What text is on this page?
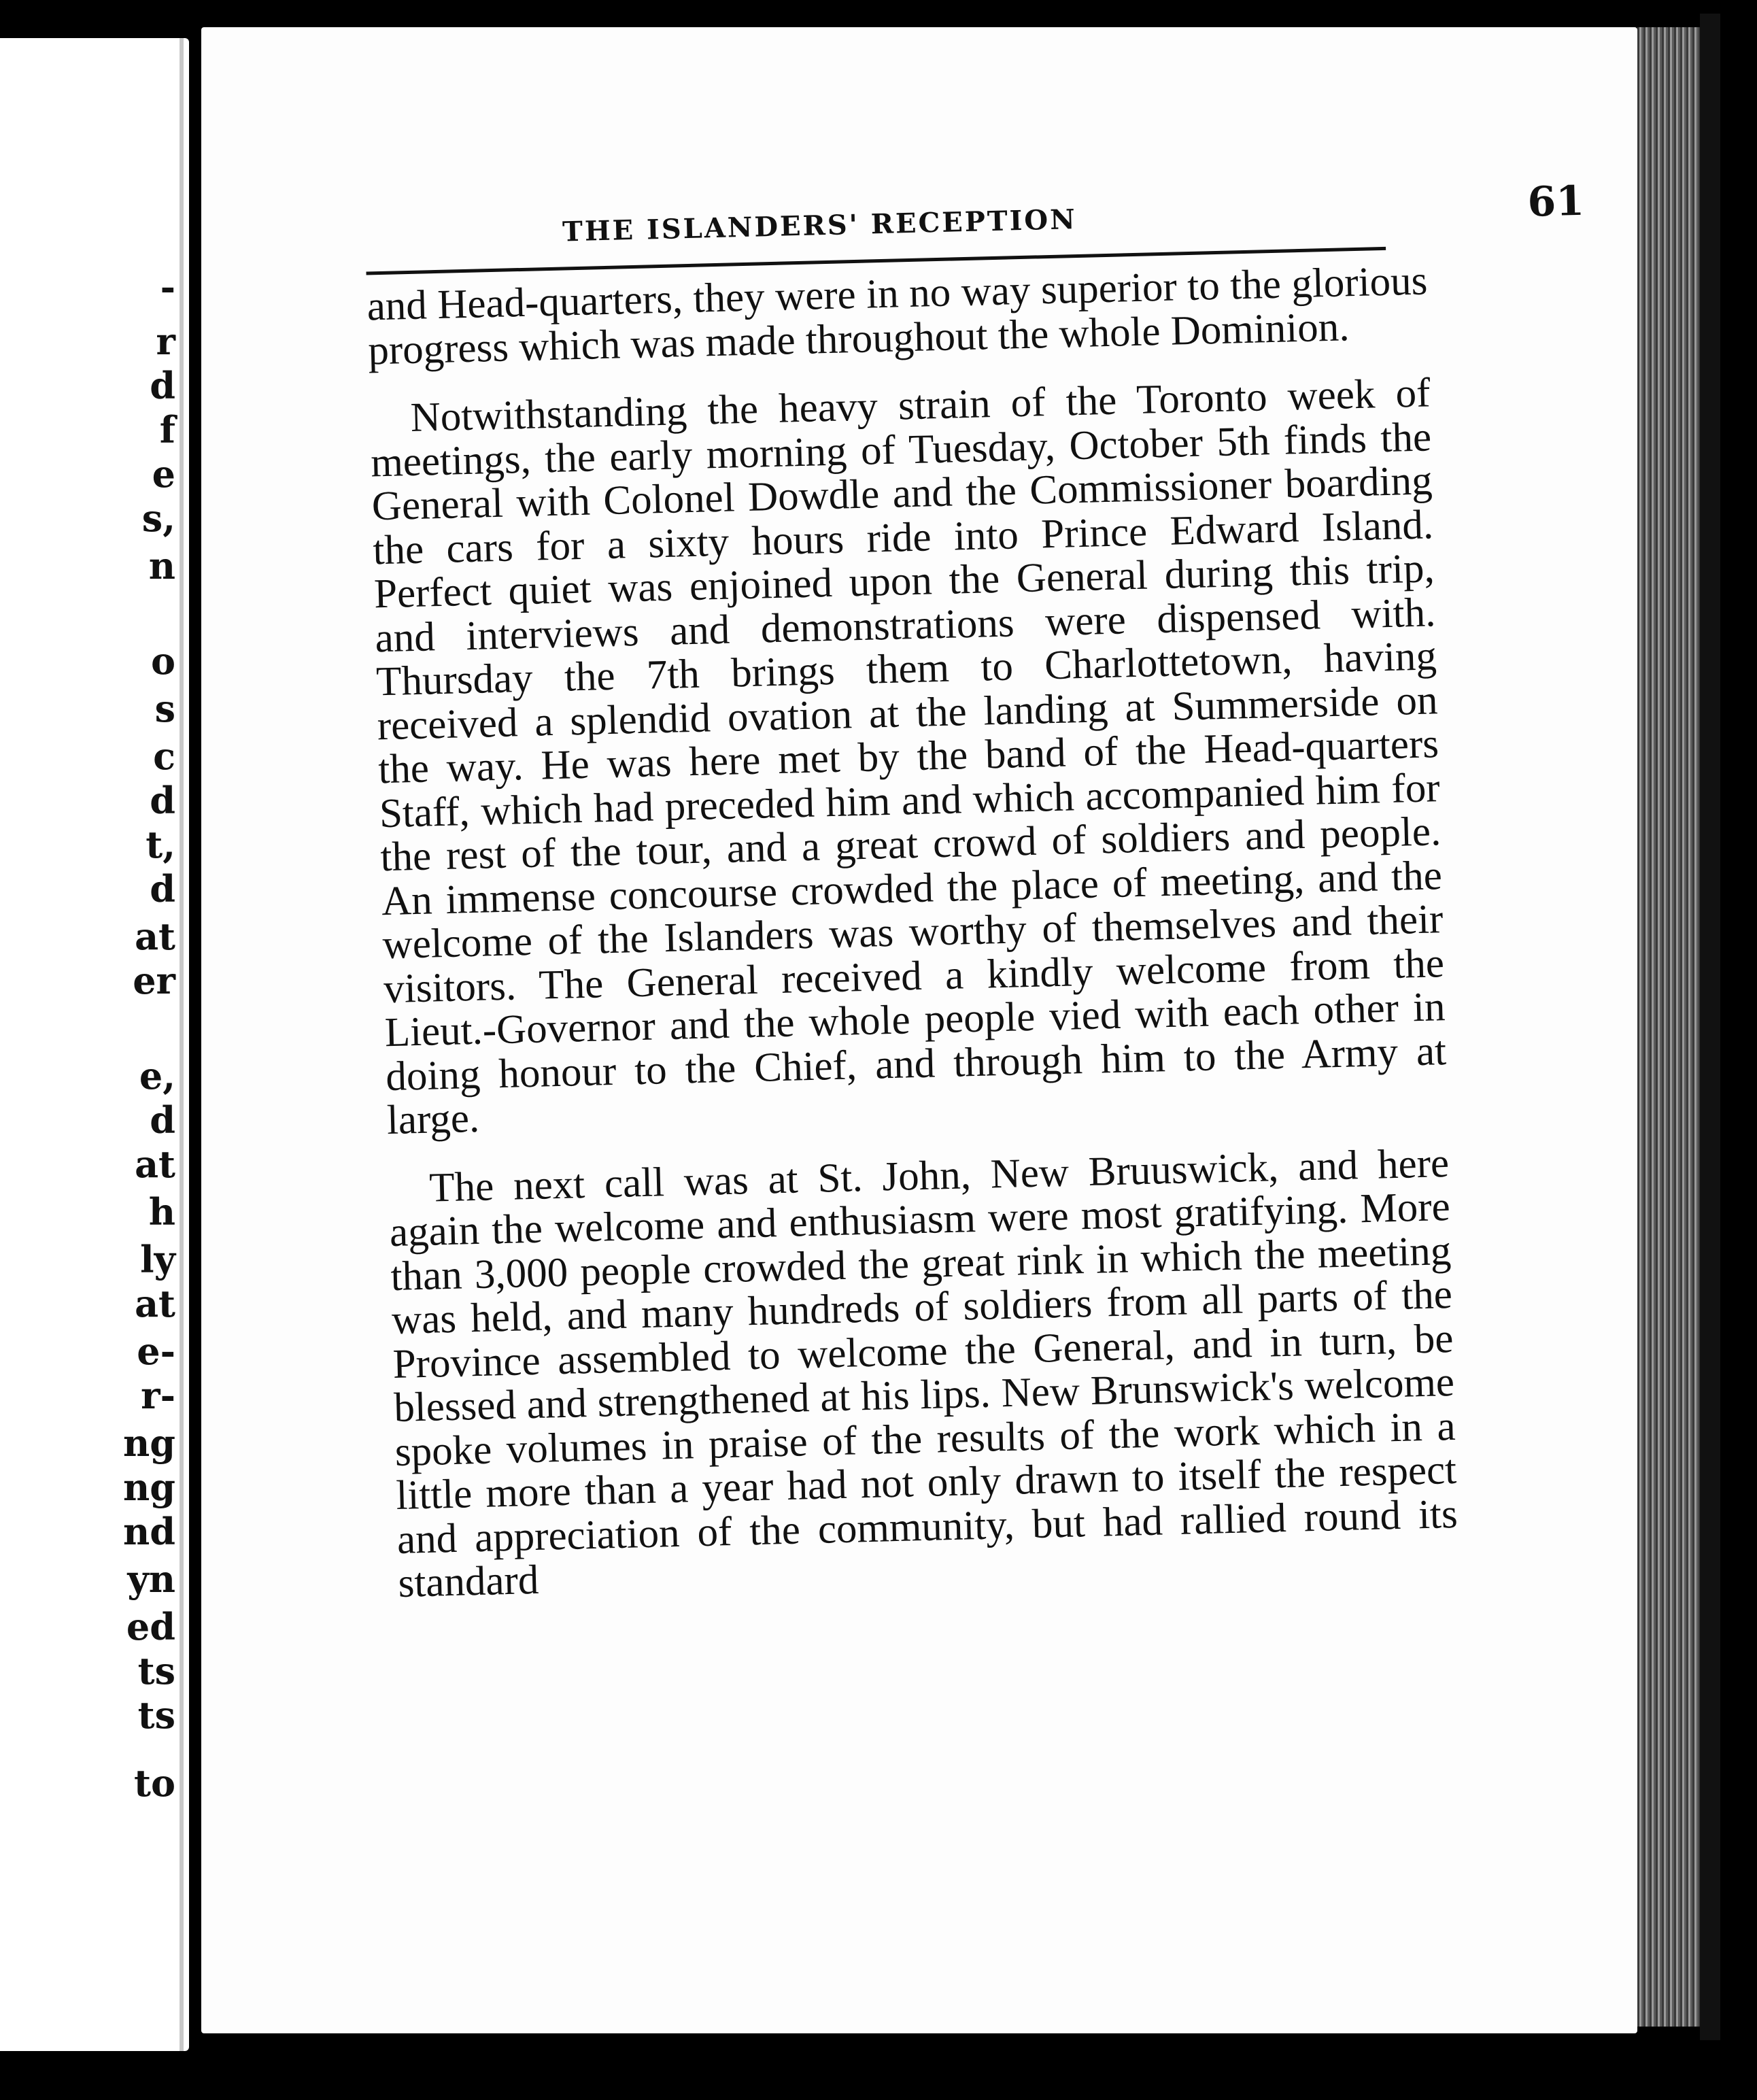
-
r
d
f
e
s,
n
o
s
c
d
t,
d
at
er
e,
d
at
h
ly
at
e-
r-
ng
ng
nd
yn
ed
ts
ts
to
THE ISLANDERS' RECEPTION	61

and Head-quarters, they were in no way superior to the glorious progress which was made throughout the whole Dominion.

Notwithstanding the heavy strain of the Toronto week of meetings, the early morning of Tuesday, October 5th finds the General with Colonel Dowdle and the Commissioner boarding the cars for a sixty hours ride into Prince Edward Island. Perfect quiet was enjoined upon the General during this trip, and interviews and demonstrations were dispensed with. Thursday the 7th brings them to Charlottetown, having received a splendid ovation at the landing at Summerside on the way. He was here met by the band of the Head-quarters Staff, which had preceded him and which accompanied him for the rest of the tour, and a great crowd of soldiers and people. An immense concourse crowded the place of meeting, and the welcome of the Islanders was worthy of themselves and their visitors. The General received a kindly welcome from the Lieut.-Governor and the whole people vied with each other in doing honour to the Chief, and through him to the Army at large.

The next call was at St. John, New Bruuswick, and here again the welcome and enthusiasm were most gratifying. More than 3,000 people crowded the great rink in which the meeting was held, and many hundreds of soldiers from all parts of the Province assembled to welcome the General, and in turn, be blessed and strengthened at his lips. New Brunswick's welcome spoke volumes in praise of the results of the work which in a little more than a year had not only drawn to itself the respect and appreciation of the community, but had rallied round its standard
